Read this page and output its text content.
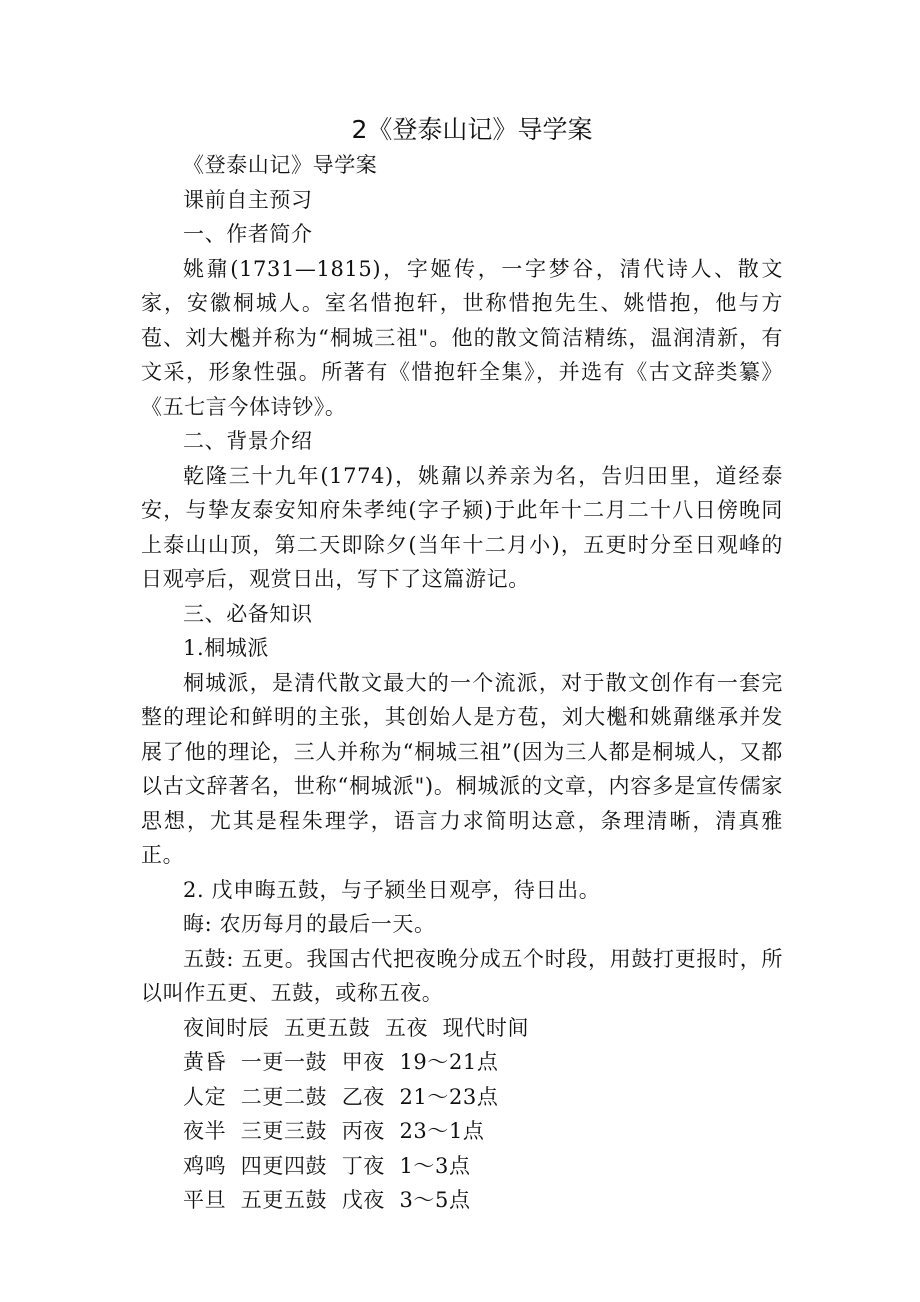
2《登泰山记》导学案

《登泰山记》导学案

课前自主预习

一、作者简介

姚鼐(1731—1815)，字姬传，一字梦谷，清代诗人、散文家，安徽桐城人。室名惜抱轩，世称惜抱先生、姚惜抱，他与方苞、刘大櫆并称为“桐城三祖"。他的散文简洁精练，温润清新，有文采，形象性强。所著有《惜抱轩全集》，并选有《古文辞类纂》《五七言今体诗钞》。

二、背景介绍

乾隆三十九年(1774)，姚鼐以养亲为名，告归田里，道经泰安，与挚友泰安知府朱孝纯(字子颍)于此年十二月二十八日傍晚同上泰山山顶，第二天即除夕(当年十二月小)，五更时分至日观峰的日观亭后，观赏日出，写下了这篇游记。

三、必备知识

1.桐城派

桐城派，是清代散文最大的一个流派，对于散文创作有一套完整的理论和鲜明的主张，其创始人是方苞，刘大櫆和姚鼐继承并发展了他的理论，三人并称为“桐城三祖”(因为三人都是桐城人，又都以古文辞著名，世称“桐城派")。桐城派的文章，内容多是宣传儒家思想，尤其是程朱理学，语言力求简明达意，条理清晰，清真雅正。

2. 戊申晦五鼓，与子颍坐日观亭，待日出。

晦: 农历每月的最后一天。

五鼓: 五更。我国古代把夜晚分成五个时段，用鼓打更报时，所以叫作五更、五鼓，或称五夜。

夜间时辰  五更五鼓  五夜  现代时间
黄昏  一更一鼓  甲夜  19～21点
人定  二更二鼓  乙夜  21～23点
夜半  三更三鼓  丙夜  23～1点
鸡鸣  四更四鼓  丁夜  1～3点
平旦  五更五鼓  戊夜  3～5点
